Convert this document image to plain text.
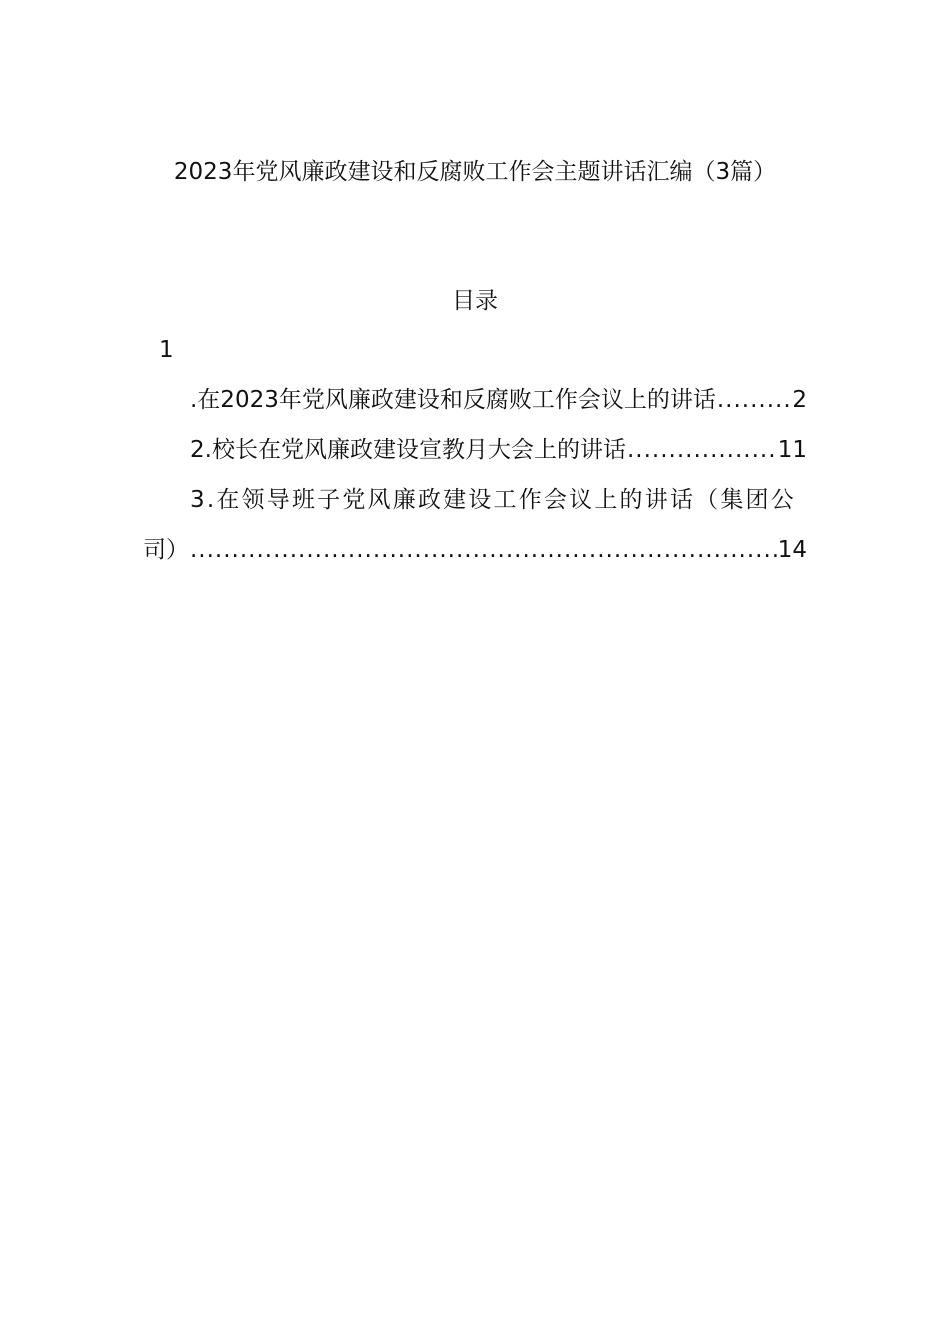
2023年党风廉政建设和反腐败工作会主题讲话汇编（3篇）
目录
1
.在2023年党风廉政建设和反腐败工作会议上的讲话 .....	2
2.校长在党风廉政建设宣教月大会上的讲话 .....	11
3.在领导班子党风廉政建设工作会议上的讲话（集团公
司） .....	14
